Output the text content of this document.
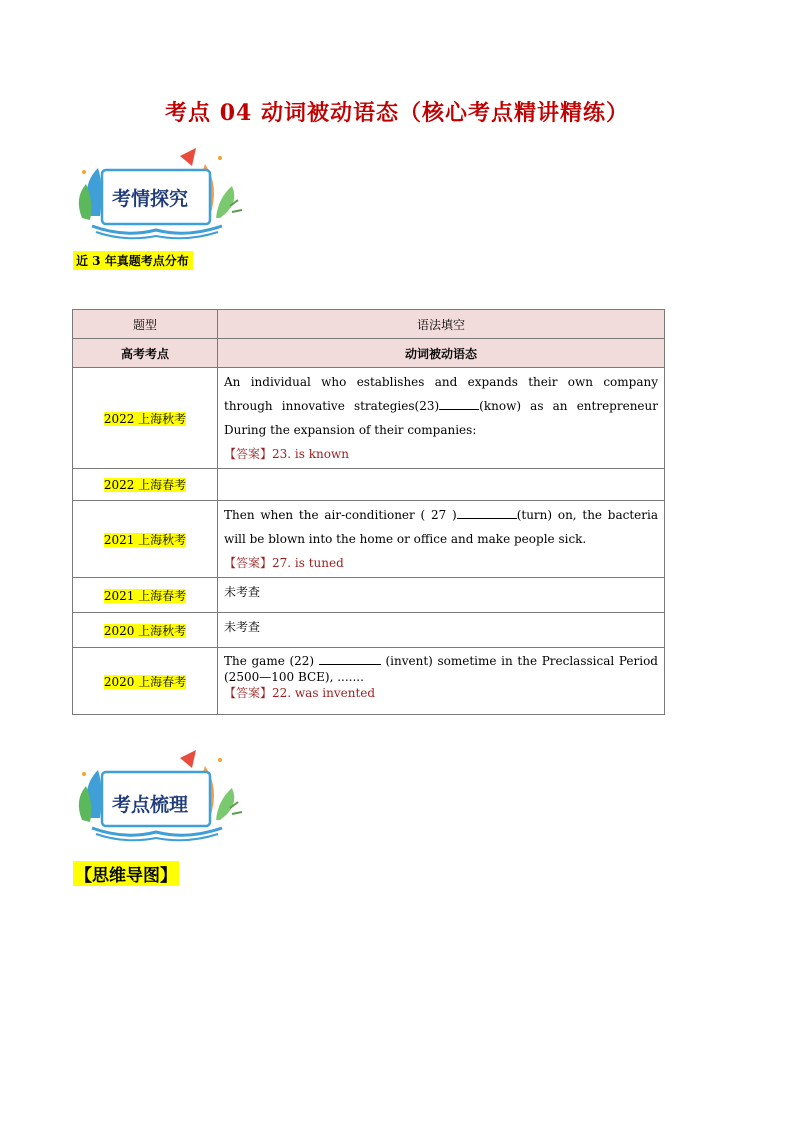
考点 04 动词被动语态（核心考点精讲精练）
考情探究
近 3 年真题考点分布
题型	语法填空
高考考点	动词被动语态
2022 上海秋考	An individual who establishes and expands their own company through innovative strategies(23) (know) as an entrepreneur During the expansion of their companies:
【答案】23. is known
2022 上海春考	
2021 上海秋考	Then when the air-conditioner ( 27 ) (turn) on, the bacteria will be blown into the home or office and make people sick.
【答案】27. is tuned
2021 上海春考	未考查
2020 上海秋考	未考查
2020 上海春考	The game (22) (invent) sometime in the Preclassical Period (2500—100 BCE), .......
【答案】22. was invented
考点梳理
【思维导图】
